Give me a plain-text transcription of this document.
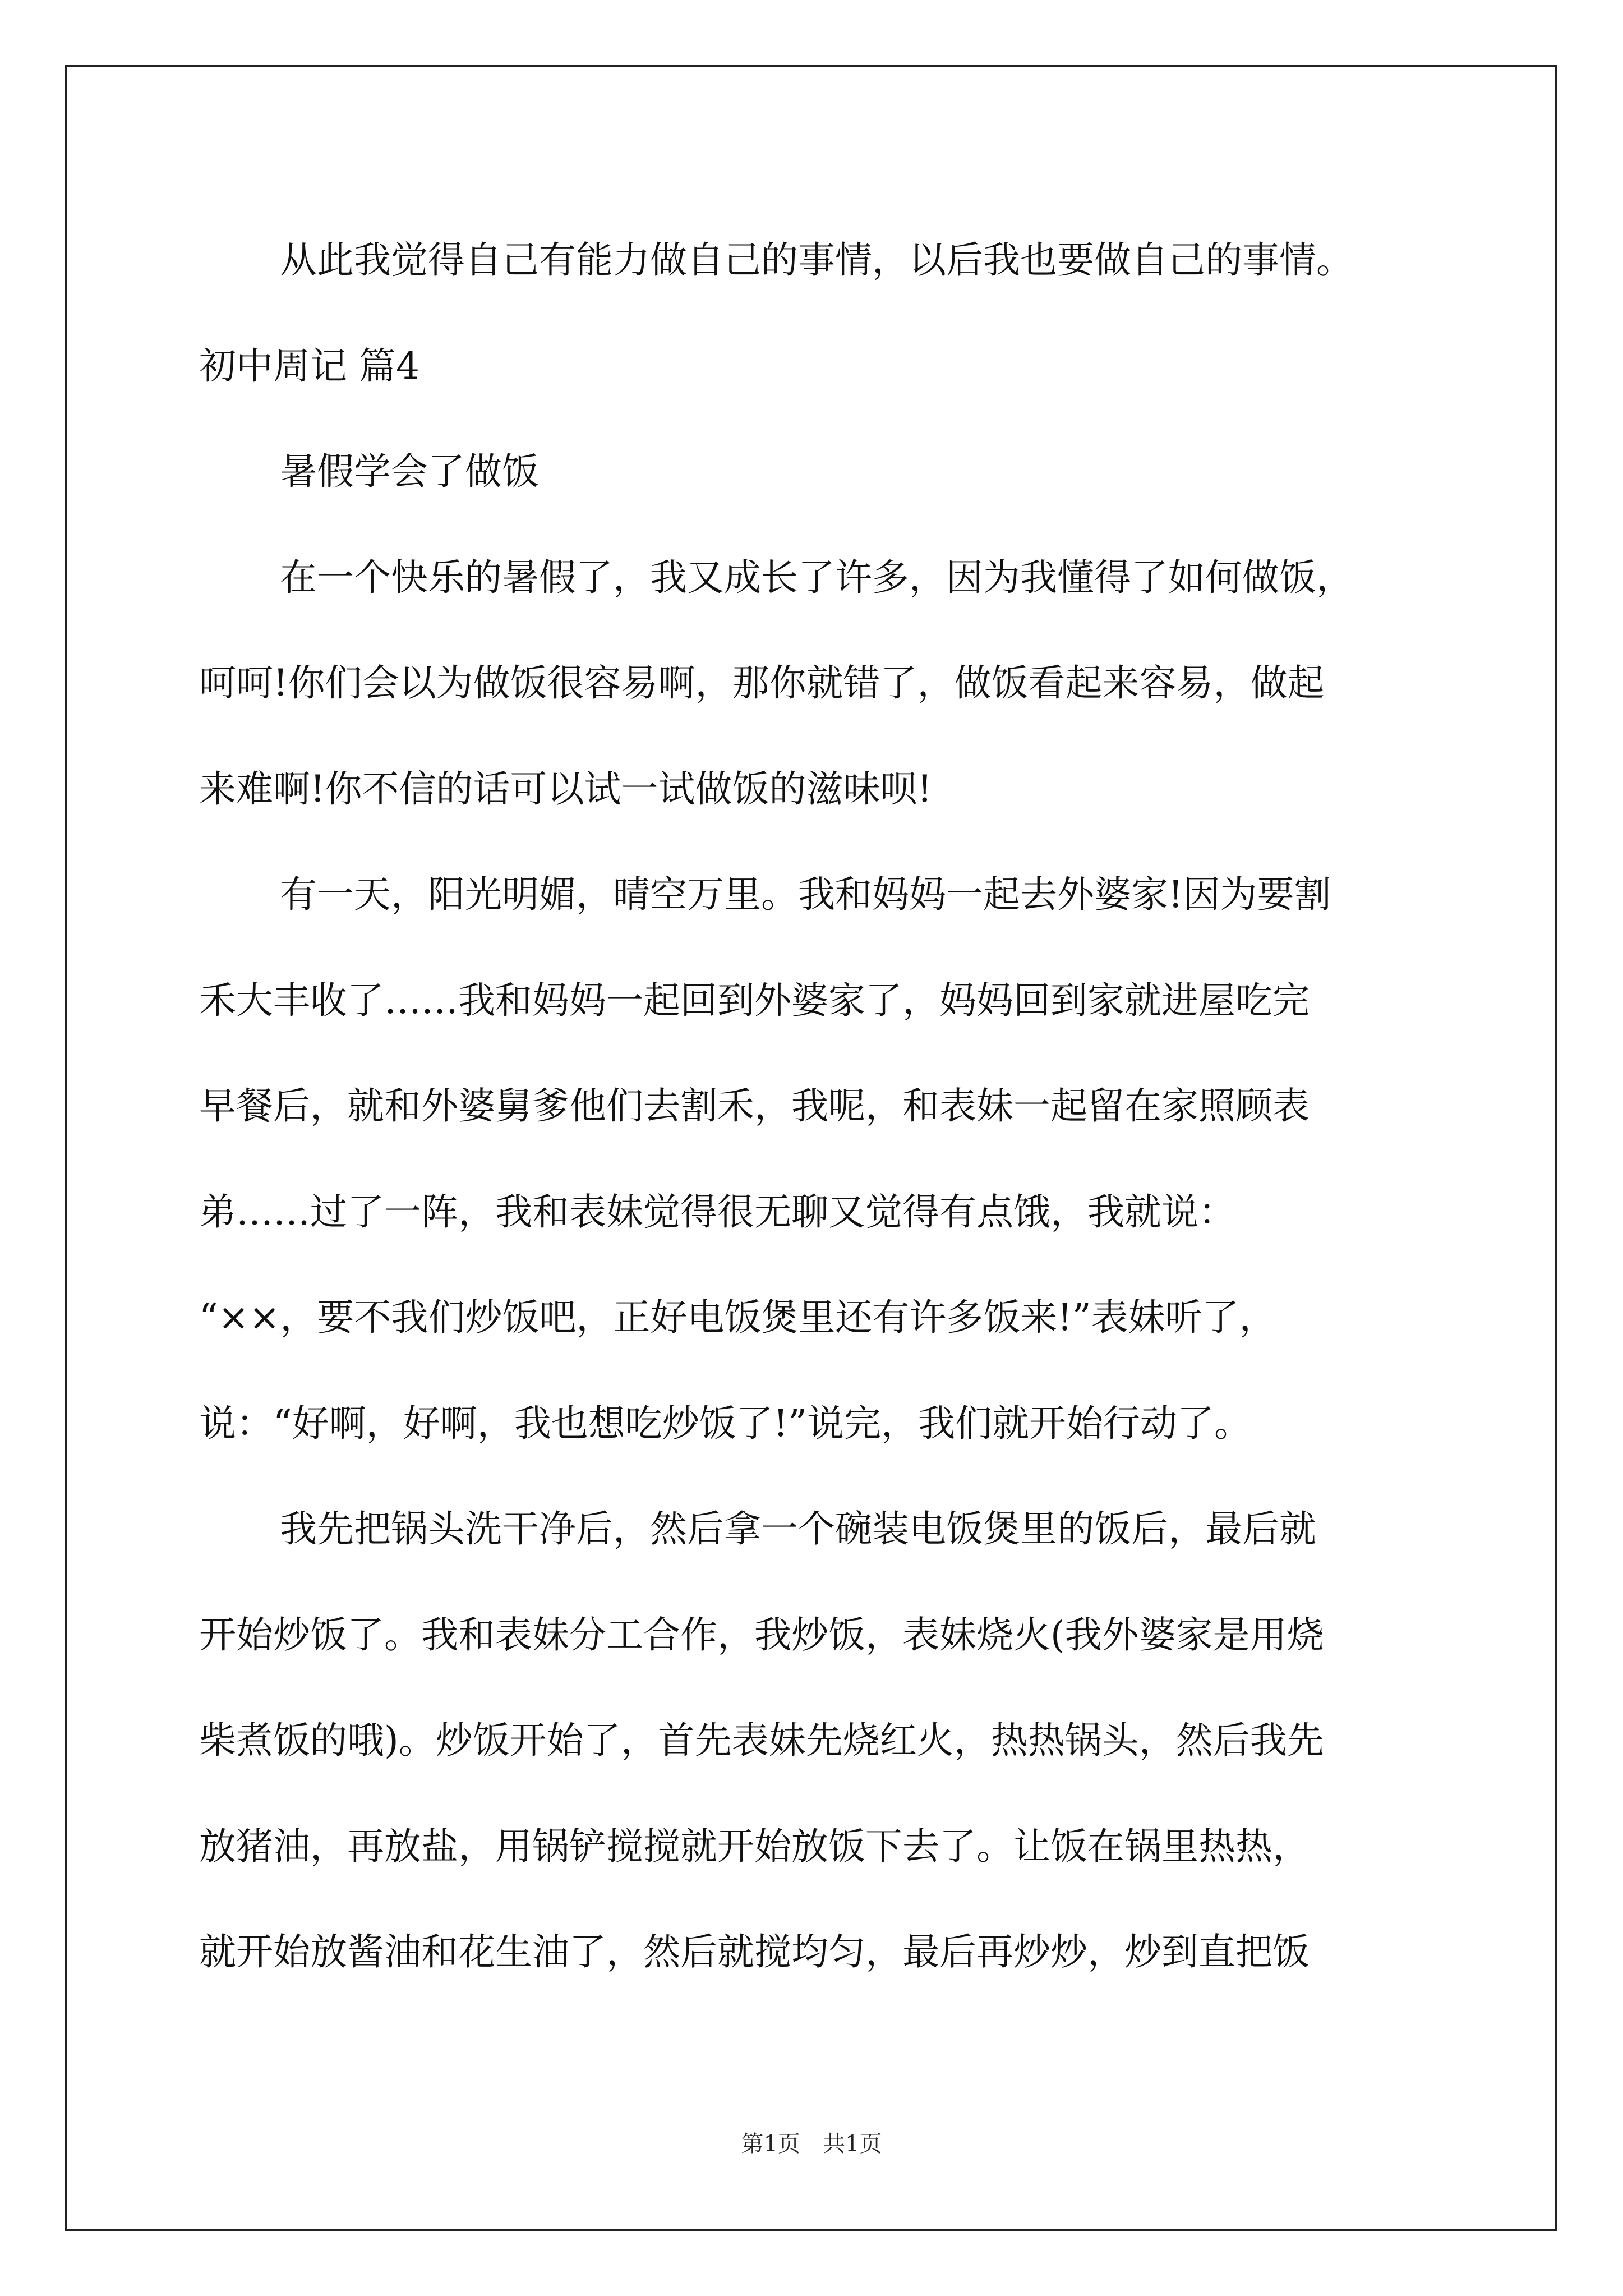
从此我觉得自己有能力做自己的事情，以后我也要做自己的事情。
初中周记 篇4
暑假学会了做饭
在一个快乐的暑假了，我又成长了许多，因为我懂得了如何做饭，
呵呵!你们会以为做饭很容易啊，那你就错了，做饭看起来容易，做起
来难啊!你不信的话可以试一试做饭的滋味呗!
有一天，阳光明媚，晴空万里。我和妈妈一起去外婆家!因为要割
禾大丰收了……我和妈妈一起回到外婆家了，妈妈回到家就进屋吃完
早餐后，就和外婆舅爹他们去割禾，我呢，和表妹一起留在家照顾表
弟……过了一阵，我和表妹觉得很无聊又觉得有点饿，我就说：
“××，要不我们炒饭吧，正好电饭煲里还有许多饭来!”表妹听了，
说：“好啊，好啊，我也想吃炒饭了!”说完，我们就开始行动了。
我先把锅头洗干净后，然后拿一个碗装电饭煲里的饭后，最后就
开始炒饭了。我和表妹分工合作，我炒饭，表妹烧火(我外婆家是用烧
柴煮饭的哦)。炒饭开始了，首先表妹先烧红火，热热锅头，然后我先
放猪油，再放盐，用锅铲搅搅就开始放饭下去了。让饭在锅里热热，
就开始放酱油和花生油了，然后就搅均匀，最后再炒炒，炒到直把饭
第1页　共1页
